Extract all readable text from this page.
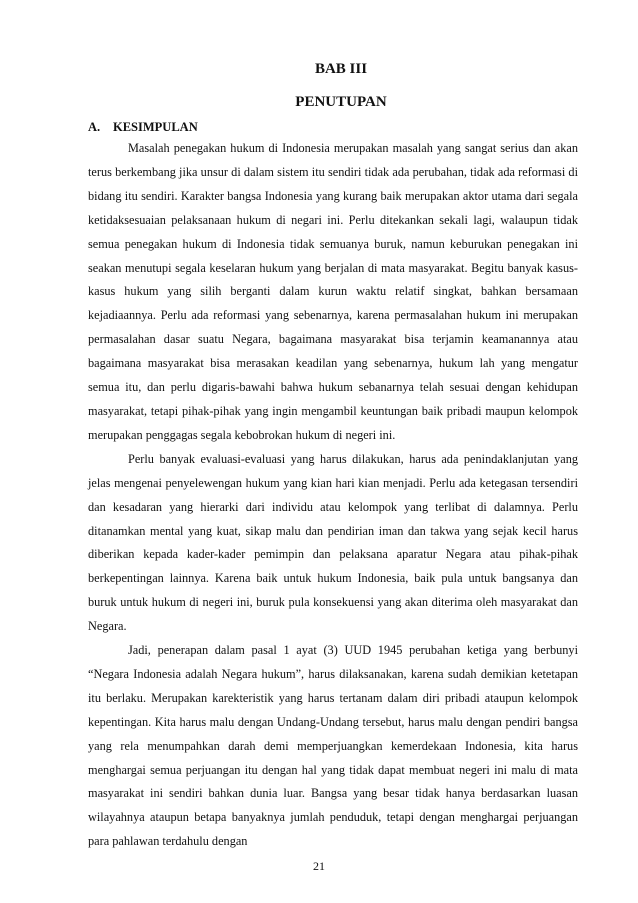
BAB III
PENUTUPAN
A. KESIMPULAN

Masalah penegakan hukum di Indonesia merupakan masalah yang sangat serius dan akan terus berkembang jika unsur di dalam sistem itu sendiri tidak ada perubahan, tidak ada reformasi di bidang itu sendiri. Karakter bangsa Indonesia yang kurang baik merupakan aktor utama dari segala ketidaksesuaian pelaksanaan hukum di negari ini. Perlu ditekankan sekali lagi, walaupun tidak semua penegakan hukum di Indonesia tidak semuanya buruk, namun keburukan penegakan ini seakan menutupi segala keselaran hukum yang berjalan di mata masyarakat. Begitu banyak kasus-kasus hukum yang silih berganti dalam kurun waktu relatif singkat, bahkan bersamaan kejadiaannya. Perlu ada reformasi yang sebenarnya, karena permasalahan hukum ini merupakan permasalahan dasar suatu Negara, bagaimana masyarakat bisa terjamin keamanannya atau bagaimana masyarakat bisa merasakan keadilan yang sebenarnya, hukum lah yang mengatur semua itu, dan perlu digaris-bawahi bahwa hukum sebanarnya telah sesuai dengan kehidupan masyarakat, tetapi pihak-pihak yang ingin mengambil keuntungan baik pribadi maupun kelompok merupakan penggagas segala kebobrokan hukum di negeri ini.

Perlu banyak evaluasi-evaluasi yang harus dilakukan, harus ada penindaklanjutan yang jelas mengenai penyelewengan hukum yang kian hari kian menjadi. Perlu ada ketegasan tersendiri dan kesadaran yang hierarki dari individu atau kelompok yang terlibat di dalamnya. Perlu ditanamkan mental yang kuat, sikap malu dan pendirian iman dan takwa yang sejak kecil harus diberikan kepada kader-kader pemimpin dan pelaksana aparatur Negara atau pihak-pihak berkepentingan lainnya. Karena baik untuk hukum Indonesia, baik pula untuk bangsanya dan buruk untuk hukum di negeri ini, buruk pula konsekuensi yang akan diterima oleh masyarakat dan Negara.

Jadi, penerapan dalam pasal 1 ayat (3) UUD 1945 perubahan ketiga yang berbunyi “Negara Indonesia adalah Negara hukum”, harus dilaksanakan, karena sudah demikian ketetapan itu berlaku. Merupakan karekteristik yang harus tertanam dalam diri pribadi ataupun kelompok kepentingan. Kita harus malu dengan Undang-Undang tersebut, harus malu dengan pendiri bangsa yang rela menumpahkan darah demi memperjuangkan kemerdekaan Indonesia, kita harus menghargai semua perjuangan itu dengan hal yang tidak dapat membuat negeri ini malu di mata masyarakat ini sendiri bahkan dunia luar. Bangsa yang besar tidak hanya berdasarkan luasan wilayahnya ataupun betapa banyaknya jumlah penduduk, tetapi dengan menghargai perjuangan para pahlawan terdahulu dengan

21
